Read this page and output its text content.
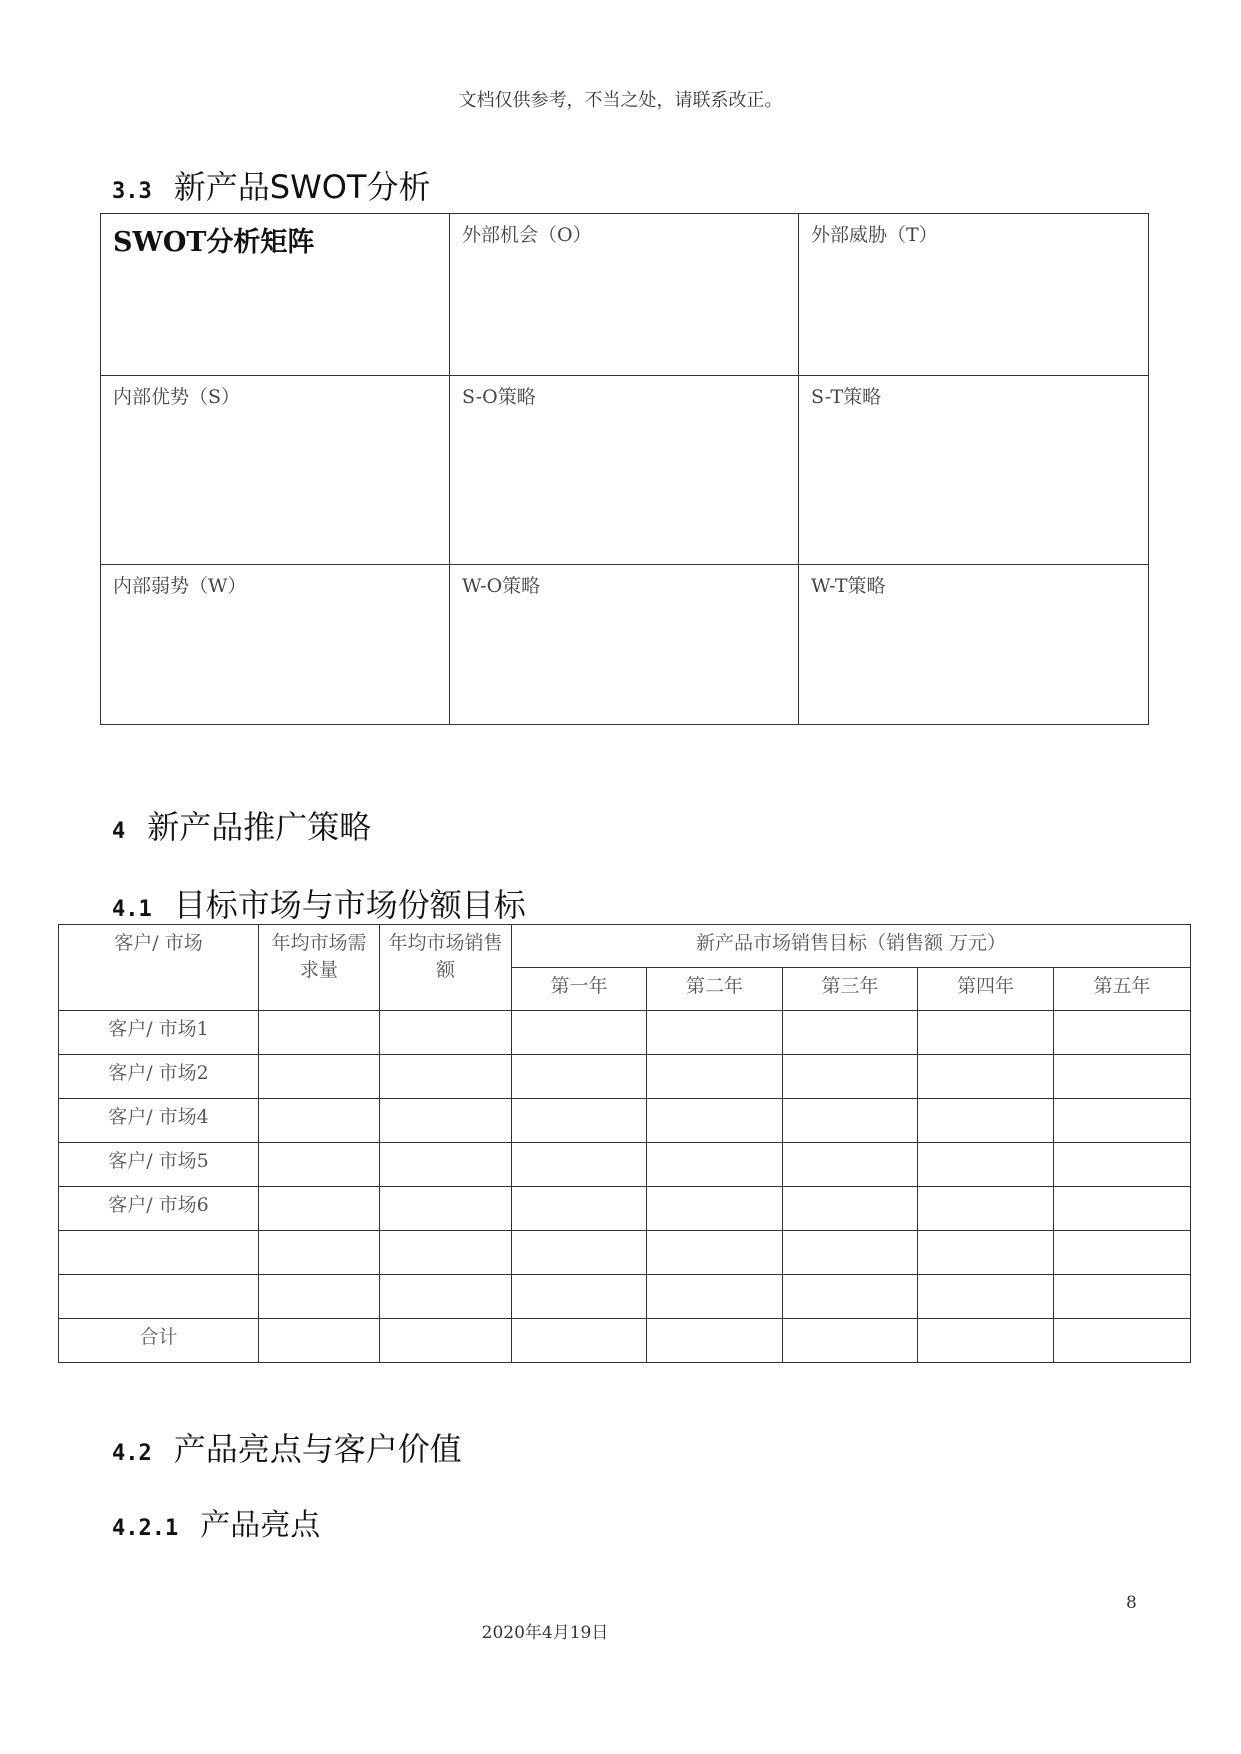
文档仅供参考，不当之处，请联系改正。
3.3 新产品SWOT分析
SWOT分析矩阵	外部机会（O）	外部威胁（T）
内部优势（S）	S-O策略	S-T策略
内部弱势（W）	W-O策略	W-T策略
4 新产品推广策略
4.1 目标市场与市场份额目标
客户/ 市场	年均市场需求量	年均市场销售额	新产品市场销售目标（销售额 万元）				
			第一年	第二年	第三年	第四年	第五年
客户/ 市场1							
客户/ 市场2							
客户/ 市场4							
客户/ 市场5							
客户/ 市场6							

合计							
4.2 产品亮点与客户价值
4.2.1 产品亮点
8
2020年4月19日
